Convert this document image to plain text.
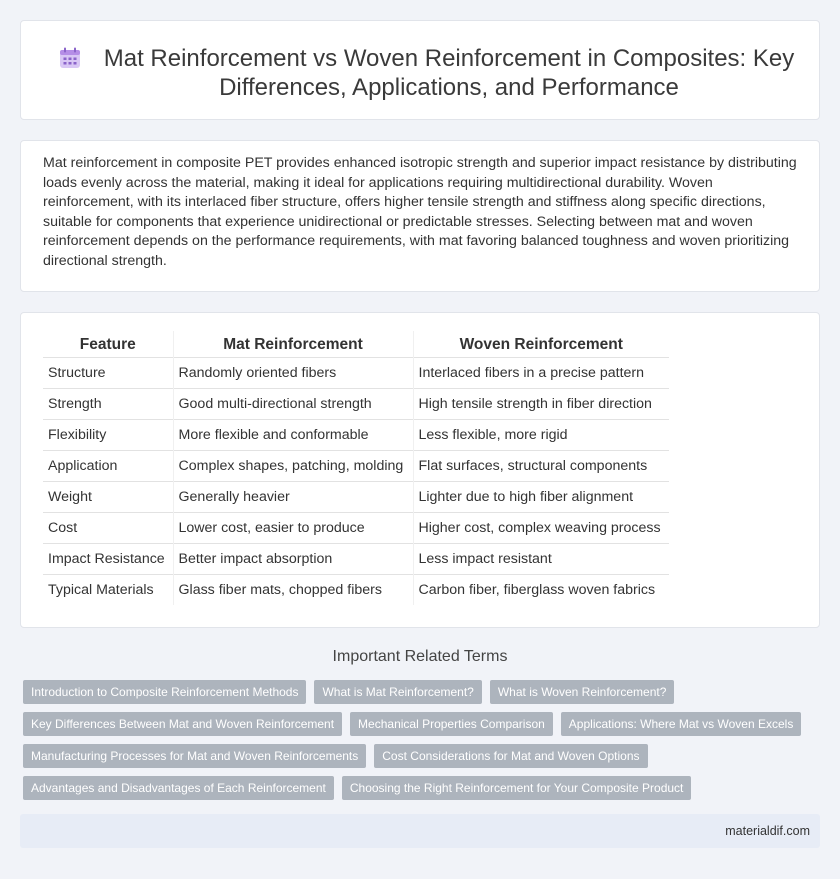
Mat Reinforcement vs Woven Reinforcement in Composites: Key Differences, Applications, and Performance

Mat reinforcement in composite PET provides enhanced isotropic strength and superior impact resistance by distributing loads evenly across the material, making it ideal for applications requiring multidirectional durability. Woven reinforcement, with its interlaced fiber structure, offers higher tensile strength and stiffness along specific directions, suitable for components that experience unidirectional or predictable stresses. Selecting between mat and woven reinforcement depends on the performance requirements, with mat favoring balanced toughness and woven prioritizing directional strength.

Feature	Mat Reinforcement	Woven Reinforcement
Structure	Randomly oriented fibers	Interlaced fibers in a precise pattern
Strength	Good multi-directional strength	High tensile strength in fiber direction
Flexibility	More flexible and conformable	Less flexible, more rigid
Application	Complex shapes, patching, molding	Flat surfaces, structural components
Weight	Generally heavier	Lighter due to high fiber alignment
Cost	Lower cost, easier to produce	Higher cost, complex weaving process
Impact Resistance	Better impact absorption	Less impact resistant
Typical Materials	Glass fiber mats, chopped fibers	Carbon fiber, fiberglass woven fabrics
Important Related Terms
Introduction to Composite Reinforcement Methods	What is Mat Reinforcement?	What is Woven Reinforcement?
Key Differences Between Mat and Woven Reinforcement	Mechanical Properties Comparison	Applications: Where Mat vs Woven Excels
Manufacturing Processes for Mat and Woven Reinforcements	Cost Considerations for Mat and Woven Options
Advantages and Disadvantages of Each Reinforcement	Choosing the Right Reinforcement for Your Composite Product
materialdif.com
